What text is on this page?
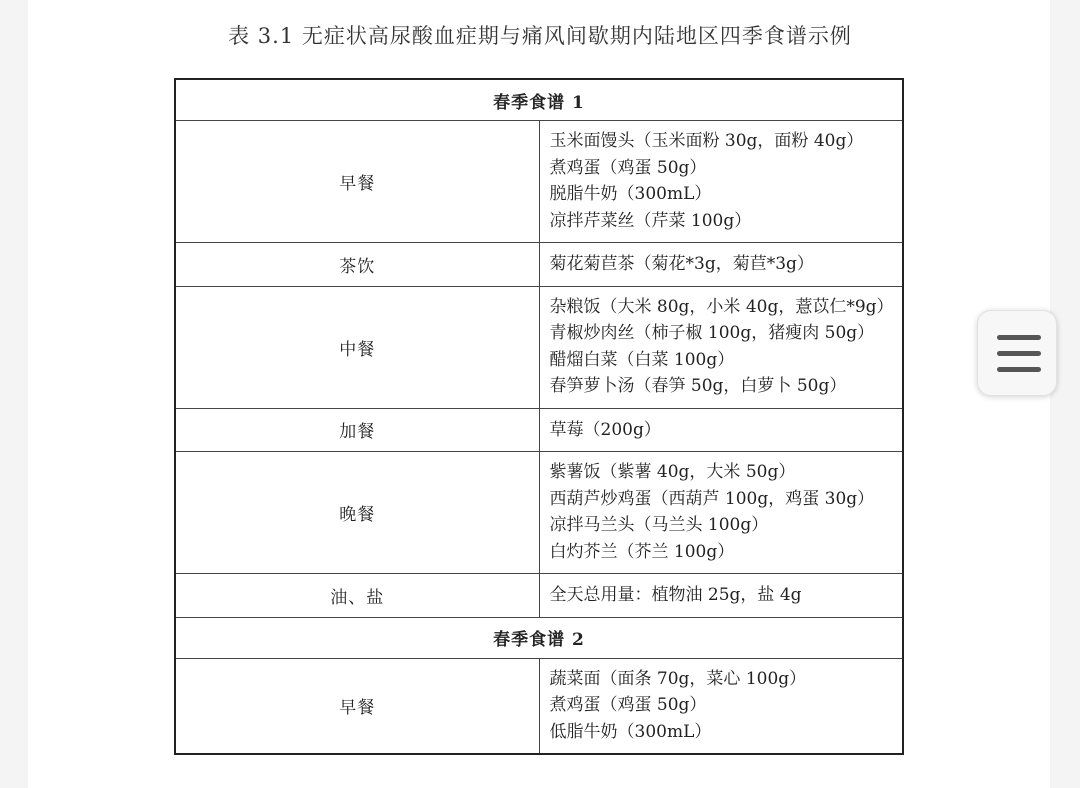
表 3.1 无症状高尿酸血症期与痛风间歇期内陆地区四季食谱示例
春季食谱 1	
早餐	玉米面馒头（玉米面粉 30g，面粉 40g）
煮鸡蛋（鸡蛋 50g）
脱脂牛奶（300mL）
凉拌芹菜丝（芹菜 100g）

茶饮	菊花菊苣茶（菊花*3g，菊苣*3g）

中餐	杂粮饭（大米 80g，小米 40g，薏苡仁*9g）
青椒炒肉丝（柿子椒 100g，猪瘦肉 50g）
醋熘白菜（白菜 100g）
春笋萝卜汤（春笋 50g，白萝卜 50g）

加餐	草莓（200g）

晚餐	紫薯饭（紫薯 40g，大米 50g）
西葫芦炒鸡蛋（西葫芦 100g，鸡蛋 30g）
凉拌马兰头（马兰头 100g）
白灼芥兰（芥兰 100g）

油、盐	全天总用量：植物油 25g，盐 4g

春季食谱 2	
早餐	蔬菜面（面条 70g，菜心 100g）
煮鸡蛋（鸡蛋 50g）
低脂牛奶（300mL）
